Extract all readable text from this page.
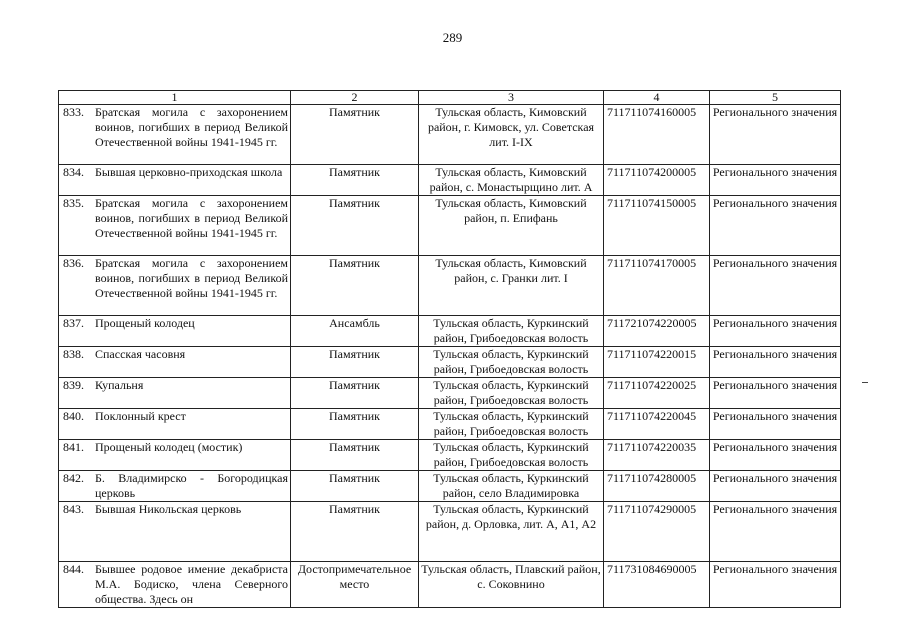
289
1	2	3	4	5

833. Братская могила с захоронением воинов, погибших в период Великой Отечественной войны 1941-1945 гг.	Памятник	Тульская область, Кимовский район, г. Кимовск, ул. Советская лит. I-IX	711711074160005	Регионального значения

834. Бывшая церковно-приходская школа	Памятник	Тульская область, Кимовский район, с. Монастырщино лит. А	711711074200005	Регионального значения

835. Братская могила с захоронением воинов, погибших в период Великой Отечественной войны 1941-1945 гг.	Памятник	Тульская область, Кимовский район, п. Епифань	711711074150005	Регионального значения

836. Братская могила с захоронением воинов, погибших в период Великой Отечественной войны 1941-1945 гг.	Памятник	Тульская область, Кимовский район, с. Гранки лит. I	711711074170005	Регионального значения

837. Прощеный колодец	Ансамбль	Тульская область, Куркинский район, Грибоедовская волость	711721074220005	Регионального значения

838. Спасская часовня	Памятник	Тульская область, Куркинский район, Грибоедовская волость	711711074220015	Регионального значения

839. Купальня	Памятник	Тульская область, Куркинский район, Грибоедовская волость	711711074220025	Регионального значения

840. Поклонный крест	Памятник	Тульская область, Куркинский район, Грибоедовская волость	711711074220045	Регионального значения

841. Прощеный колодец (мостик)	Памятник	Тульская область, Куркинский район, Грибоедовская волость	711711074220035	Регионального значения

842. Б. Владимирско - Богородицкая церковь	Памятник	Тульская область, Куркинский район, село Владимировка	711711074280005	Регионального значения

843. Бывшая Никольская церковь	Памятник	Тульская область, Куркинский район, д. Орловка, лит. А, А1, А2	711711074290005	Регионального значения

844. Бывшее родовое имение декабриста М.А. Бодиско, члена Северного общества. Здесь он	Достопримечательное место	Тульская область, Плавский район, с. Соковнино	711731084690005	Регионального значения
